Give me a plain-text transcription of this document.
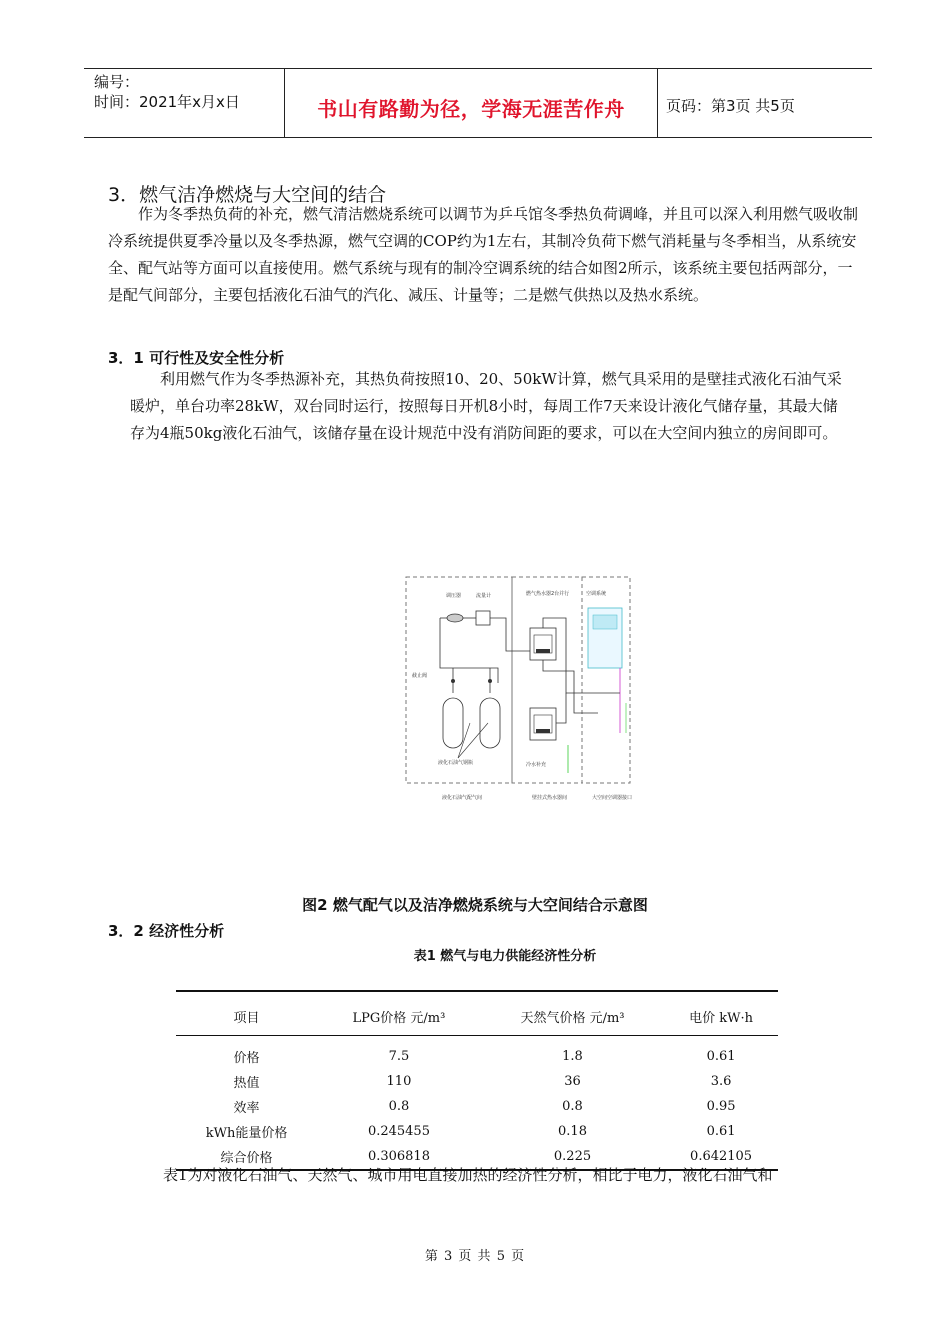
编号：
时间：2021年x月x日	书山有路勤为径，学海无涯苦作舟	页码：第3页 共5页
3．燃气洁净燃烧与大空间的结合
作为冬季热负荷的补充，燃气清洁燃烧系统可以调节为乒乓馆冬季热负荷调峰，并且可以深入利用燃气吸收制冷系统提供夏季冷量以及冬季热源，燃气空调的COP约为1左右，其制冷负荷下燃气消耗量与冬季相当，从系统安全、配气站等方面可以直接使用。燃气系统与现有的制冷空调系统的结合如图2所示，该系统主要包括两部分，一是配气间部分，主要包括液化石油气的汽化、减压、计量等；二是燃气供热以及热水系统。
3．1 可行性及安全性分析
利用燃气作为冬季热源补充，其热负荷按照10、20、50kW计算，燃气具采用的是壁挂式液化石油气采暖炉，单台功率28kW，双台同时运行，按照每日开机8小时，每周工作7天来设计液化气储存量，其最大储存为4瓶50kg液化石油气，该储存量在设计规范中没有消防间距的要求，可以在大空间内独立的房间即可。
调压器	流量计
截止阀
液化石油气钢瓶
燃气热水器2台并行
冷水补充
空调系统
液化石油气配气间	壁挂式热水器间	大空间空调器接口
图2 燃气配气以及洁净燃烧系统与大空间结合示意图
3．2 经济性分析
表1 燃气与电力供能经济性分析
项目	LPG价格 元/m³	天然气价格 元/m³	电价 kW·h

价格	7.5	1.8	0.61
热值	110	36	3.6
效率	0.8	0.8	0.95
kWh能量价格	0.245455	0.18	0.61
综合价格	0.306818	0.225	0.642105
表1为对液化石油气、天然气、城市用电直接加热的经济性分析，相比于电力，液化石油气和
第 3 页 共 5 页
